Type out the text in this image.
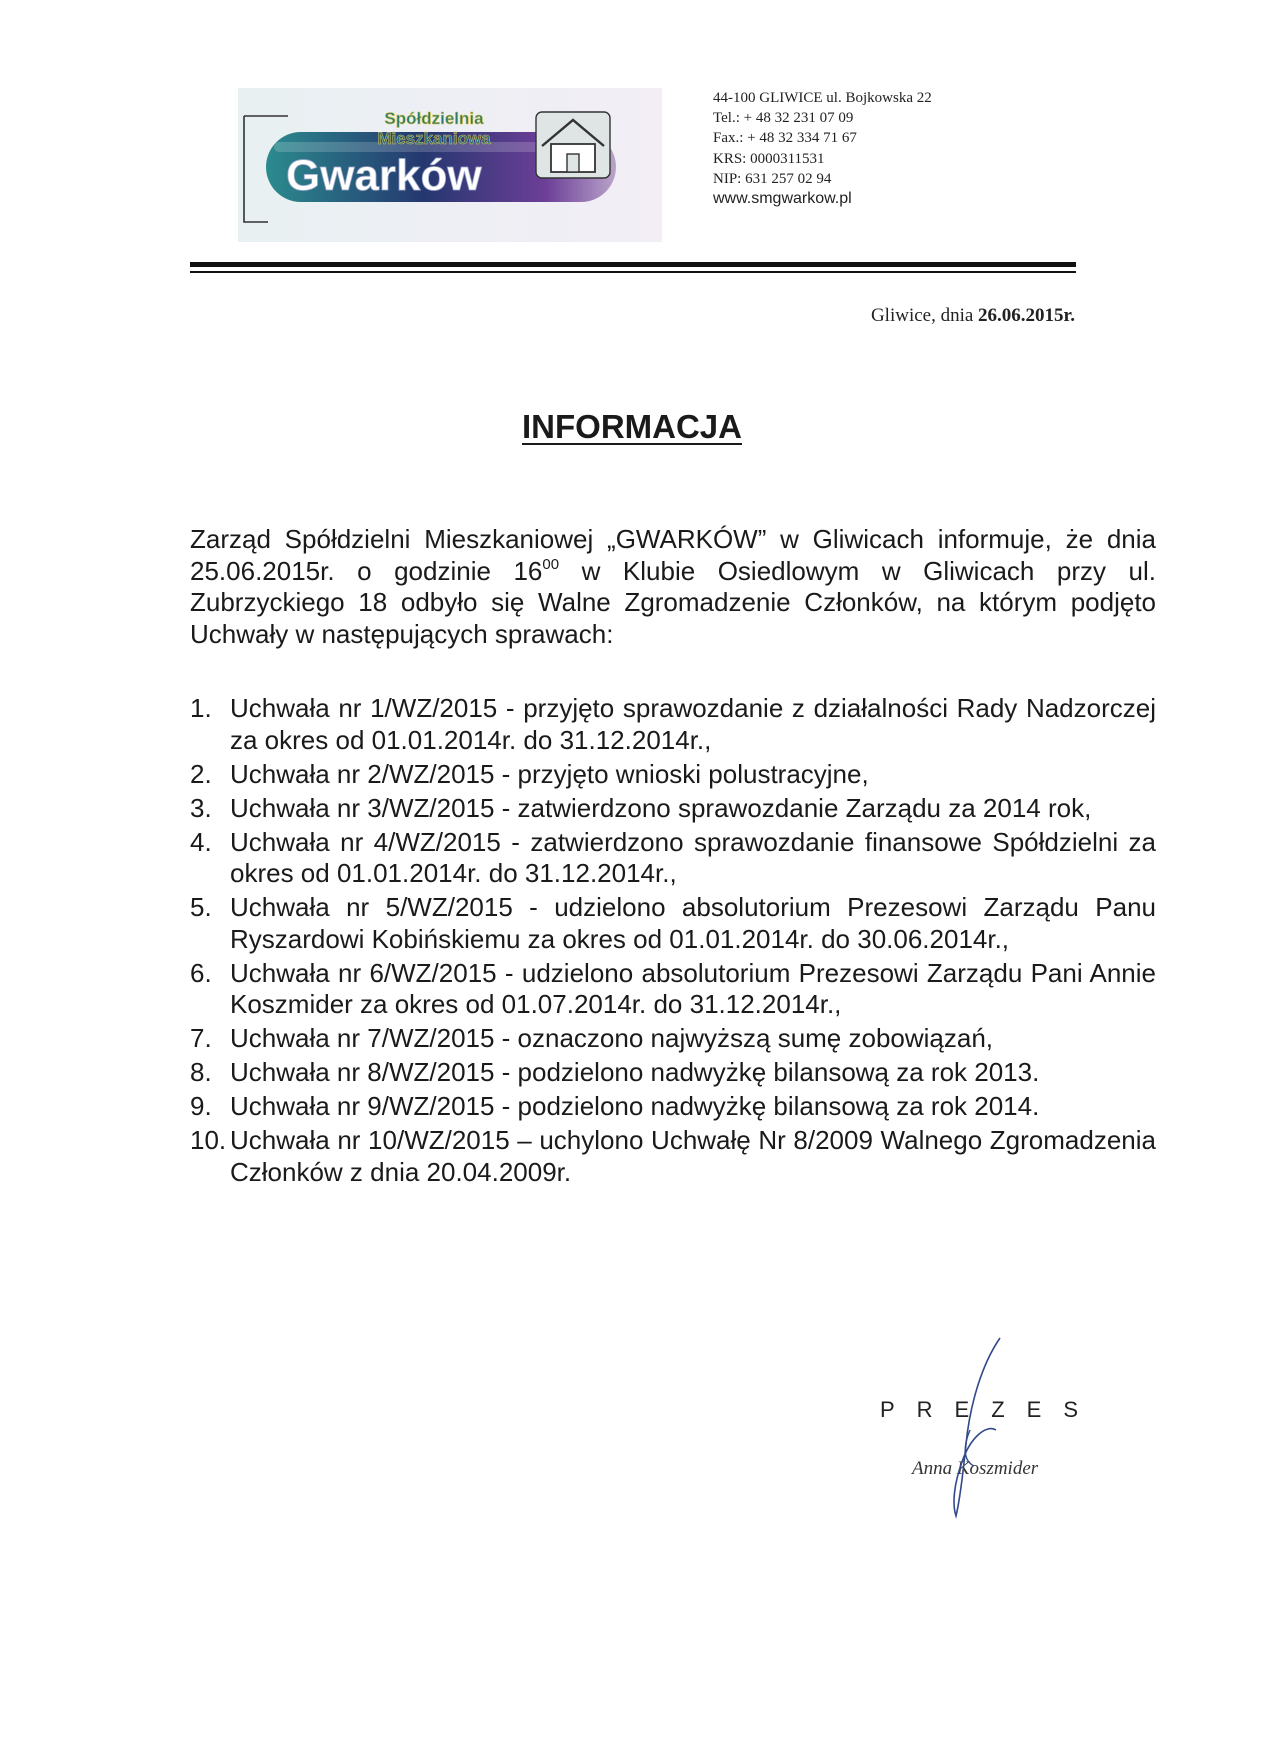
Spółdzielnia
Mieszkaniowa
Gwarków
44-100 GLIWICE ul. Bojkowska 22
Tel.: + 48 32 231 07 09
Fax.: + 48 32 334 71 67
KRS: 0000311531
NIP: 631 257 02 94
www.smgwarkow.pl
Gliwice, dnia 26.06.2015r.
INFORMACJA

Zarząd Spółdzielni Mieszkaniowej „GWARKÓW” w Gliwicach informuje, że dnia 25.06.2015r. o godzinie $16^{00}$ w Klubie Osiedlowym w Gliwicach przy ul. Zubrzyckiego 18 odbyło się Walne Zgromadzenie Członków, na którym podjęto Uchwały w następujących sprawach:

1. Uchwała nr 1/WZ/2015 - przyjęto sprawozdanie z działalności Rady Nadzorczej za okres od 01.01.2014r. do 31.12.2014r.,
2. Uchwała nr 2/WZ/2015 - przyjęto wnioski polustracyjne,
3. Uchwała nr 3/WZ/2015 - zatwierdzono sprawozdanie Zarządu za 2014 rok,
4. Uchwała nr 4/WZ/2015 - zatwierdzono sprawozdanie finansowe Spółdzielni za okres od 01.01.2014r. do 31.12.2014r.,
5. Uchwała nr 5/WZ/2015 - udzielono absolutorium Prezesowi Zarządu Panu Ryszardowi Kobińskiemu za okres od 01.01.2014r. do 30.06.2014r.,
6. Uchwała nr 6/WZ/2015 - udzielono absolutorium Prezesowi Zarządu Pani Annie Koszmider za okres od 01.07.2014r. do 31.12.2014r.,
7. Uchwała nr 7/WZ/2015 - oznaczono najwyższą sumę zobowiązań,
8. Uchwała nr 8/WZ/2015 - podzielono nadwyżkę bilansową za rok 2013.
9. Uchwała nr 9/WZ/2015 - podzielono nadwyżkę bilansową za rok 2014.
10. Uchwała nr 10/WZ/2015 – uchylono Uchwałę Nr 8/2009 Walnego Zgromadzenia Członków z dnia 20.04.2009r.
PREZES
Anna Koszmider
